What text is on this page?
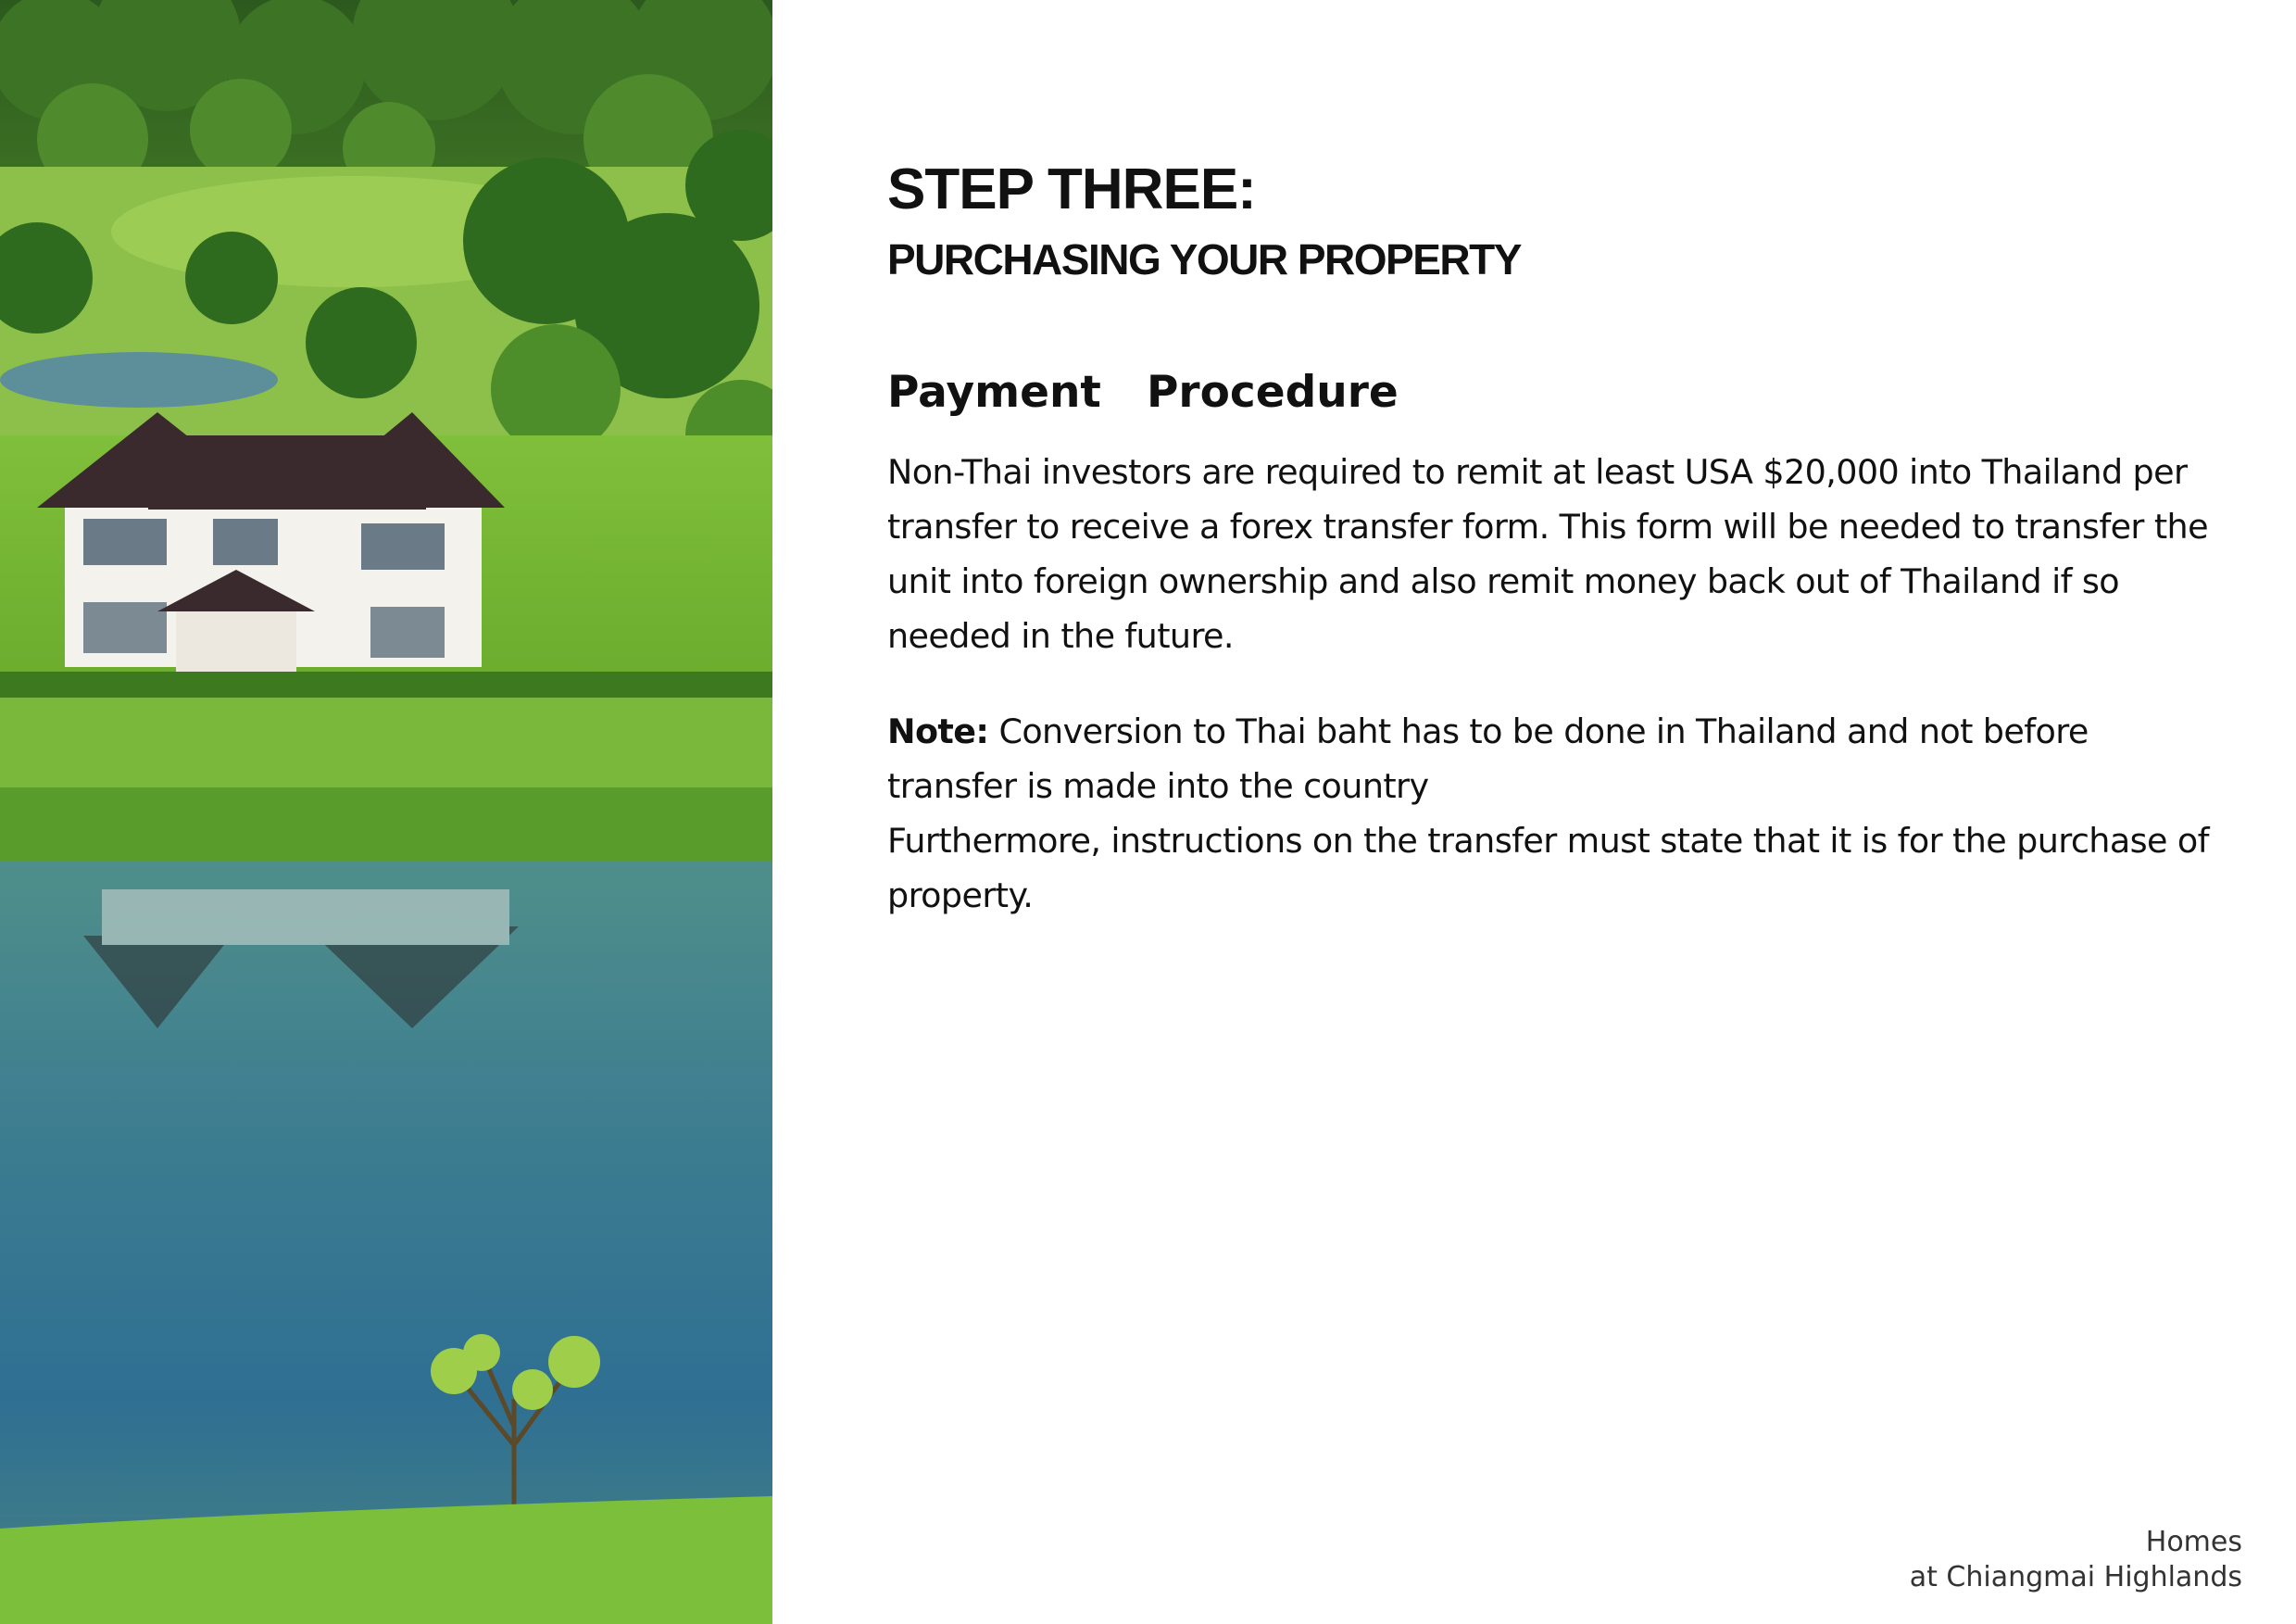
STEP THREE:
PURCHASING YOUR PROPERTY
Payment   Procedure

Non-Thai investors are required to remit at least USA $20,000 into Thailand per transfer to receive a forex transfer form. This form will be needed to transfer the unit into foreign ownership and also remit money back out of Thailand if so needed in the future.

Note: Conversion to Thai baht has to be done in Thailand and not before transfer is made into the country
Furthermore, instructions on the transfer must state that it is for the purchase of property.

Homes
at Chiangmai Highlands
